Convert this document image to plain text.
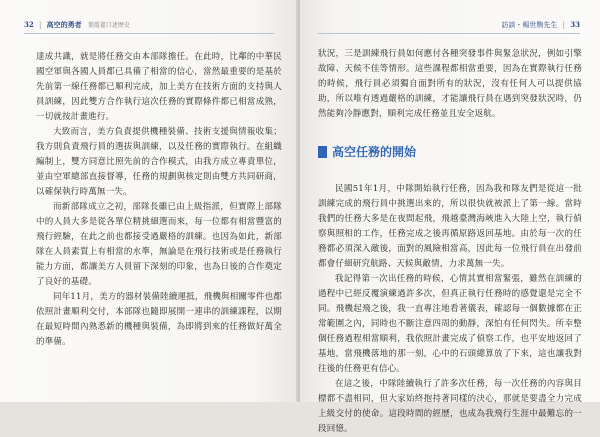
32 | 高空的勇者 葉霞翟口述歷史

達成共識，就是將任務交由本部隊擔任。在此時，比鄰的中華民國空軍與各國人員都已具備了相當的信心，當然最重要的是基於先前第一線任務都已順利完成，加上美方在技術方面的支持與人員訓練，因此雙方合作執行這次任務的實際條件都已相當成熟，一切就按計畫進行。

大致而言，美方負責提供機種裝備、技術支援與情報收集；我方則負責飛行員的選拔與訓練，以及任務的實際執行。在組織編制上，雙方同意比照先前的合作模式，由我方成立專責單位，並由空軍總部直接督導，任務的規劃與核定則由雙方共同研商，以確保執行時萬無一失。

而新部隊成立之初，部隊長雖已由上級指派，但實際上部隊中的人員大多是從各單位精挑細選而來，每一位都有相當豐富的飛行經驗，在此之前也都接受過嚴格的訓練。也因為如此，新部隊在人員素質上有相當的水準，無論是在飛行技術或是任務執行能力方面，都讓美方人員留下深刻的印象，也為日後的合作奠定了良好的基礎。

同年11月，美方的器材裝備陸續運抵，飛機與相關零件也都依照計畫順利交付，本部隊也隨即展開一連串的訓練課程，以期在最短時間內熟悉新的機種與裝備，為即將到來的任務做好萬全的準備。

訪談・楊世駒先生 | 33

狀況，三是訓練飛行員如何應付各種突發事件與緊急狀況，例如引擎故障、天候不佳等情形。這些課程都相當重要，因為在實際執行任務的時候，飛行員必須獨自面對所有的狀況，沒有任何人可以提供協助，所以唯有透過嚴格的訓練，才能讓飛行員在遇到突發狀況時，仍然能夠冷靜應對，順利完成任務並且安全返航。

高空任務的開始

民國51年1月，中隊開始執行任務，因為我和隊友們是從這一批訓練完成的飛行員中挑選出來的，所以很快就被派上了第一線。當時我們的任務大多是在夜間起飛，飛越臺灣海峽進入大陸上空，執行偵察與照相的工作，任務完成之後再循原路返回基地。由於每一次的任務都必須深入敵後，面對的風險相當高，因此每一位飛行員在出發前都會仔細研究航路、天候與敵情，力求萬無一失。

我記得第一次出任務的時候，心情其實相當緊張，雖然在訓練的過程中已經反覆演練過許多次，但真正執行任務時的感覺還是完全不同。飛機起飛之後，我一直專注地看著儀表，確認每一個數據都在正常範圍之內，同時也不斷注意四周的動靜，深怕有任何閃失。所幸整個任務過程相當順利，我依照計畫完成了偵察工作，也平安地返回了基地，當飛機落地的那一刻，心中的石頭總算放了下來，這也讓我對往後的任務更有信心。

在這之後，中隊陸續執行了許多次任務，每一次任務的內容與目標都不盡相同，但大家始終抱持著同樣的決心，那就是要盡全力完成上級交付的使命。這段時間的經歷，也成為我飛行生涯中最難忘的一段回憶。
